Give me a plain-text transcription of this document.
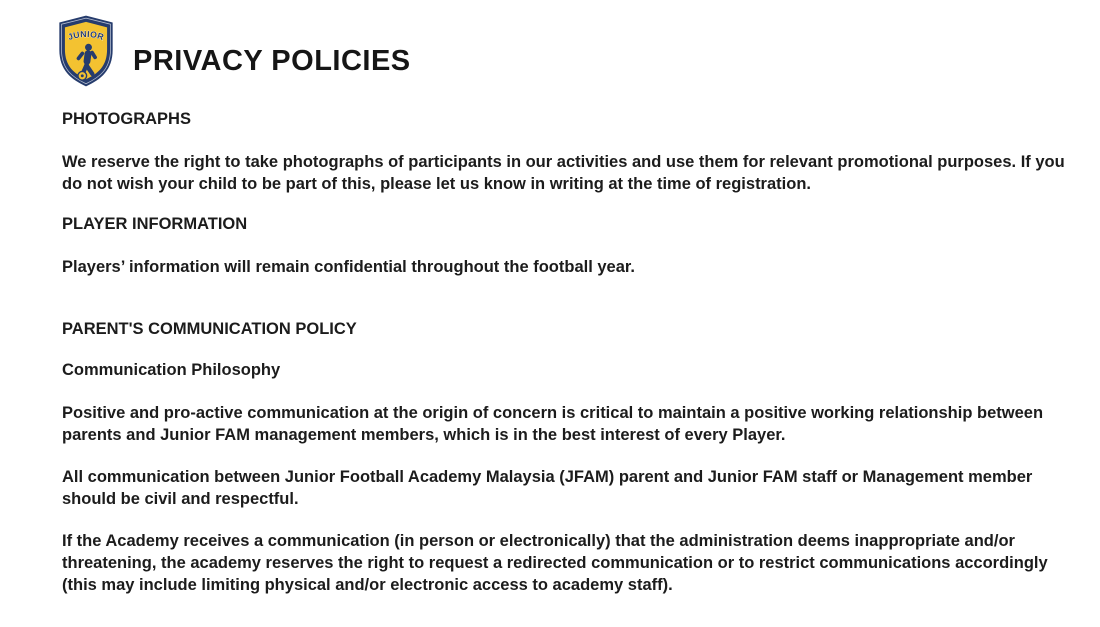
JUNIOR
PRIVACY POLICIES
PHOTOGRAPHS

We reserve the right to take photographs of participants in our activities and use them for relevant promotional purposes. If you do not wish your child to be part of this, please let us know in writing at the time of registration.

PLAYER INFORMATION

Players’ information will remain confidential throughout the football year.

PARENT'S COMMUNICATION POLICY
Communication Philosophy

Positive and pro-active communication at the origin of concern is critical to maintain a positive working relationship between parents and Junior FAM management members, which is in the best interest of every Player.

All communication between Junior Football Academy Malaysia (JFAM) parent and Junior FAM staff or Management member should be civil and respectful.

If the Academy receives a communication (in person or electronically) that the administration deems inappropriate and/or threatening, the academy reserves the right to request a redirected communication or to restrict communications accordingly (this may include limiting physical and/or electronic access to academy staff).
